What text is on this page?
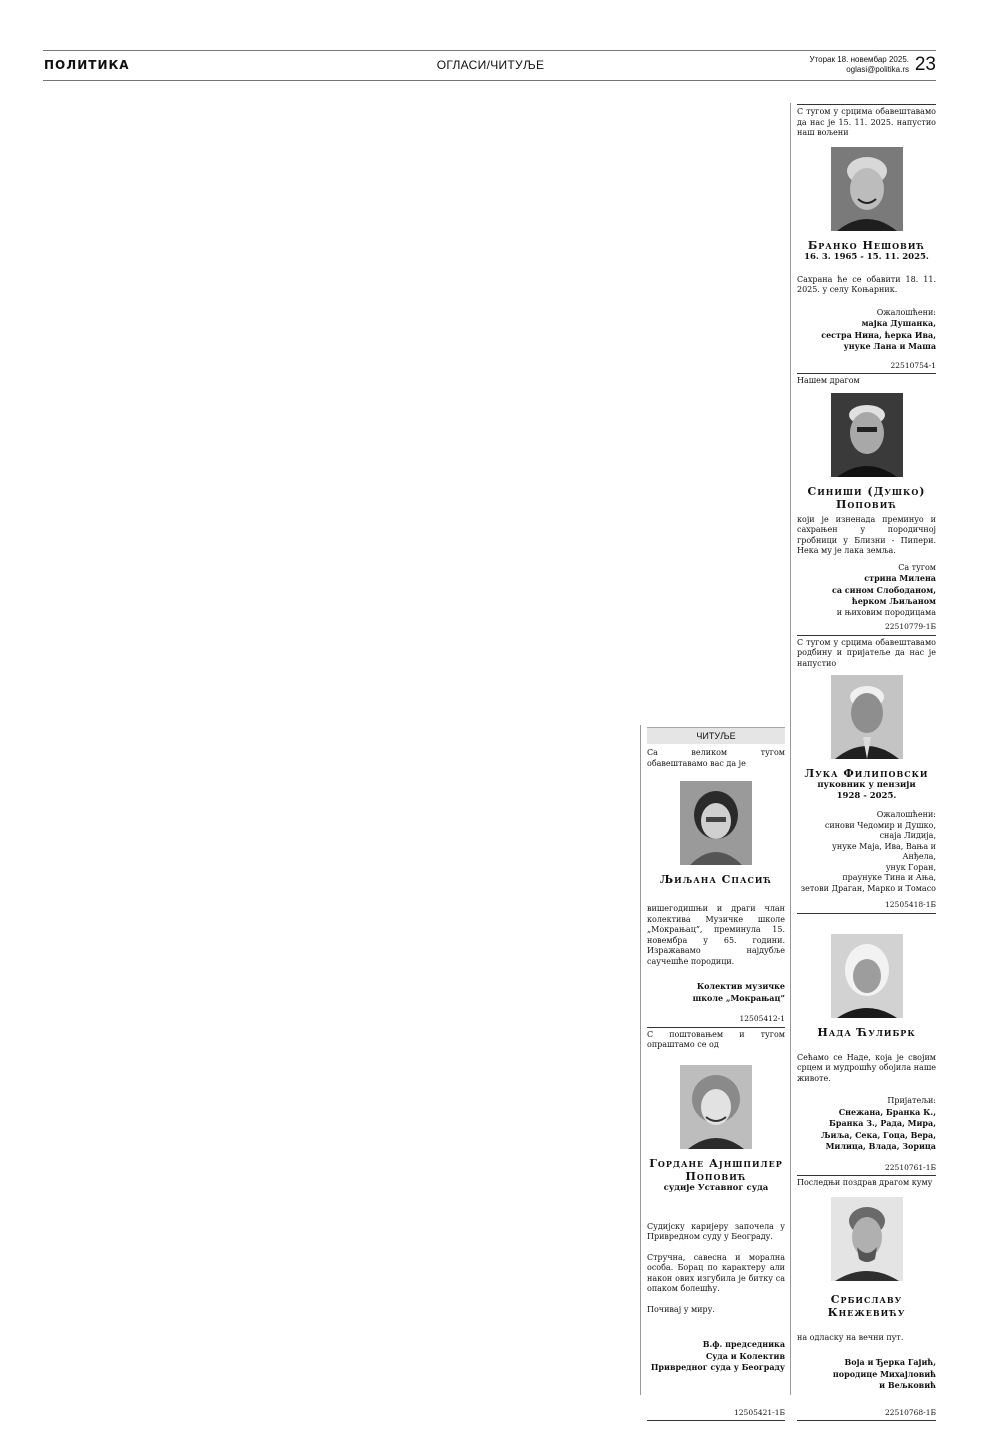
ПОЛИТИКА	ОГЛАСИ/ЧИТУЉЕ	Уторак 18. новембар 2025.
oglasi@politika.rs 23
ЧИТУЉЕ

Са великом тугом обавештавамо вас да је

Љиљана Спасић

вишегодишњи и драги члан колектива Музичке школе „Мокрањац”, преминула 15. новембра у 65. години. Изражавамо најдубље саучешће породици.

Колектив музичке
школе „Мокрањац”
12505412-1

С поштовањем и тугом опраштамо се од

Гордане Ајншпилер Поповић
судије Уставног суда

Судијску каријеру започела у Привредном суду у Београду.

Стручна, савесна и морална особа. Борац по карактеру али након ових изгубила је битку са опаком болешћу.

Почивај у миру.

В.ф. председника
Суда и Колектив
Привредног суда у Београду
12505421-1Б

С тугом у срцима обавештавамо да нас је 15. 11. 2025. напустио наш вољени

Бранко Нешовић
16. 3. 1965 - 15. 11. 2025.

Сахрана ће се обавити 18. 11. 2025. у селу Коњарник.

Ожалошћени:
мајка Душанка,
сестра Нина, ћерка Ива,
унуке Лана и Маша
22510754-1

Нашем драгом

Синиши (Душко) Поповић

који је изненада преминуо и сахрањен у породичној гробници у Близни - Пипери. Нека му је лака земља.

Са тугом
стрина Милена
са сином Слободаном,
ћерком Љиљаном
и њиховим породицама
22510779-1Б

С тугом у срцима обавештавамо родбину и пријатеље да нас је напустио

Лука Филиповски
пуковник у пензији
1928 - 2025.
Ожалошћени:
синови Чедомир и Душко,
снаја Лидија,
унуке Маја, Ива, Вања и Анђела,
унук Горан,
праунуке Тина и Ања,
зетови Драган, Марко и Томасо
12505418-1Б
Нада Ћулибрк

Сећамо се Наде, која је својим срцем и мудрошћу обојила наше животе.

Пријатељи:
Снежана, Бранка К.,
Бранка З., Рада, Мира,
Љиља, Сека, Гоца, Вера,
Милица, Влада, Зорица
22510761-1Б

Последњи поздрав драгом куму

Србиславу Кнежевићу

на одласку на вечни пут.

Воја и Ђерка Гајић,
породице Михајловић
и Вељковић
22510768-1Б
